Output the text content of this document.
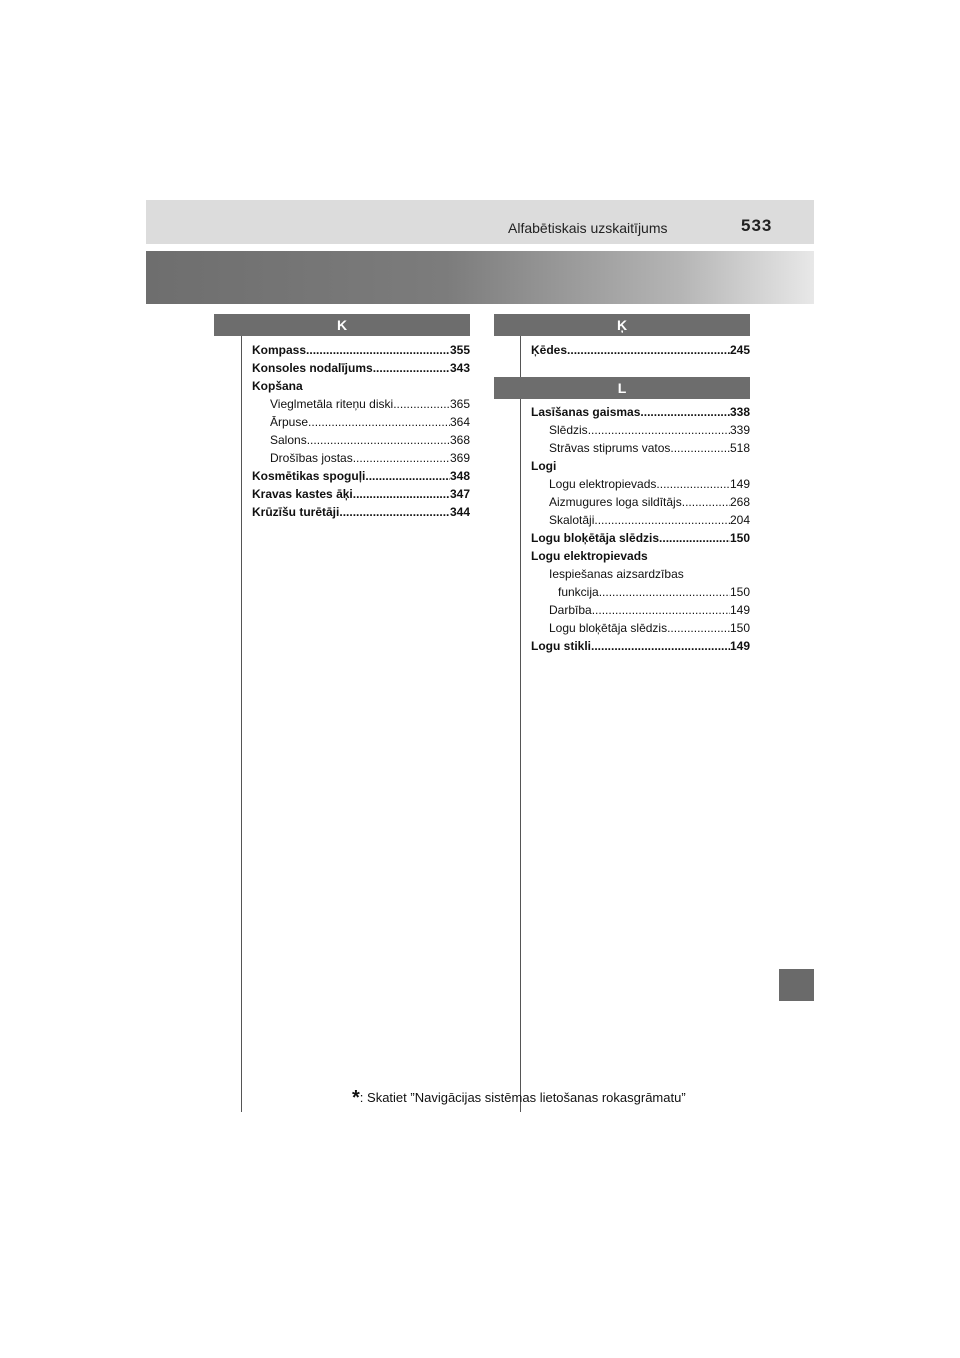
Alfabētiskais uzskaitījums	533
K
Kompass .....	355
Konsoles nodalījums .....	343
Kopšana
Vieglmetāla riteņu diski .....	365
Ārpuse .....	364
Salons .....	368
Drošības jostas .....	369
Kosmētikas spoguļi .....	348
Kravas kastes āķi .....	347
Krūzīšu turētāji .....	344
Ķ
Ķēdes .....	245
L
Lasīšanas gaismas .....	338
Slēdzis .....	339
Strāvas stiprums vatos .....	518
Logi
Logu elektropievads .....	149
Aizmugures loga sildītājs .....	268
Skalotāji .....	204
Logu bloķētāja slēdzis .....	150
Logu elektropievads
Iespiešanas aizsardzības
funkcija .....	150
Darbība .....	149
Logu bloķētāja slēdzis .....	150
Logu stikli .....	149
*: Skatiet ”Navigācijas sistēmas lietošanas rokasgrāmatu”
